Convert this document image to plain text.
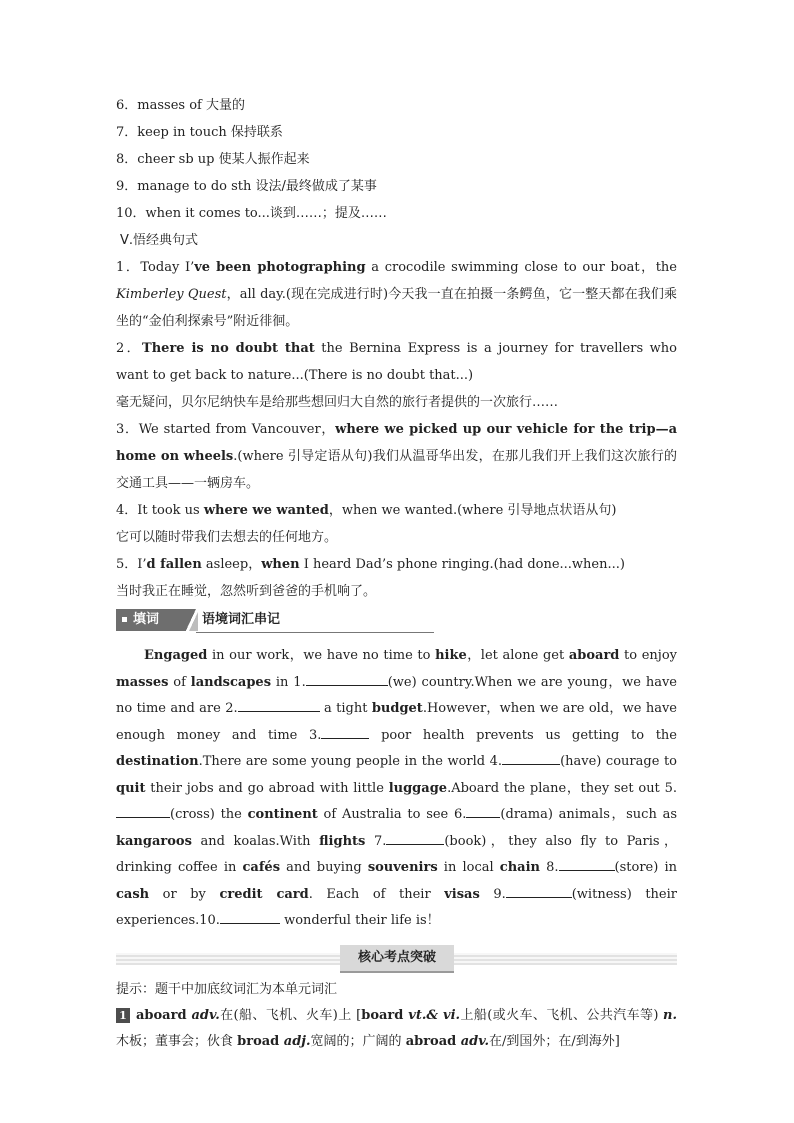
6．masses of 大量的
7．keep in touch 保持联系
8．cheer sb up 使某人振作起来
9．manage to do sth 设法/最终做成了某事
10．when it comes to...谈到……；提及……
Ⅴ.悟经典句式
1．Today I’ve been photographing a crocodile swimming close to our boat，the Kimberley Quest，all day.(现在完成进行时)今天我一直在拍摄一条鳄鱼，它一整天都在我们乘坐的“金伯利探索号”附近徘徊。
2．There is no doubt that the Bernina Express is a journey for travellers who want to get back to nature...(There is no doubt that...)
毫无疑问，贝尔尼纳快车是给那些想回归大自然的旅行者提供的一次旅行……
3．We started from Vancouver，where we picked up our vehicle for the trip—a home on wheels.(where 引导定语从句)我们从温哥华出发，在那儿我们开上我们这次旅行的交通工具——一辆房车。
4．It took us where we wanted，when we wanted.(where 引导地点状语从句)
它可以随时带我们去想去的任何地方。
5．I’d fallen asleep，when I heard Dad’s phone ringing.(had done...when...)
当时我正在睡觉，忽然听到爸爸的手机响了。
填词	语境词汇串记
Engaged in our work，we have no time to hike，let alone get aboard to enjoy masses of landscapes in 1.	(we) country.When we are young，we have no time and are 2.	a tight budget.However，when we are old，we have enough money and time 3.	poor health prevents us getting to the destination.There are some young people in the world 4.	(have) courage to quit their jobs and go abroad with little luggage.Aboard the plane，they set out 5.(cross) the continent of Australia to see 6.	(drama) animals，such as kangaroos and koalas.With flights 7.	(book)，they also fly to Paris，drinking coffee in cafés and buying souvenirs in local chain 8.	(store) in cash or by credit card. Each of their visas 9.	(witness) their experiences.10.	wonderful their life is！
核心考点突破
提示：题干中加底纹词汇为本单元词汇
1 aboard adv.在(船、飞机、火车)上 [board vt.& vi.上船(或火车、飞机、公共汽车等) n. 木板；董事会；伙食 broad adj.宽阔的；广阔的 abroad adv.在/到国外；在/到海外]
